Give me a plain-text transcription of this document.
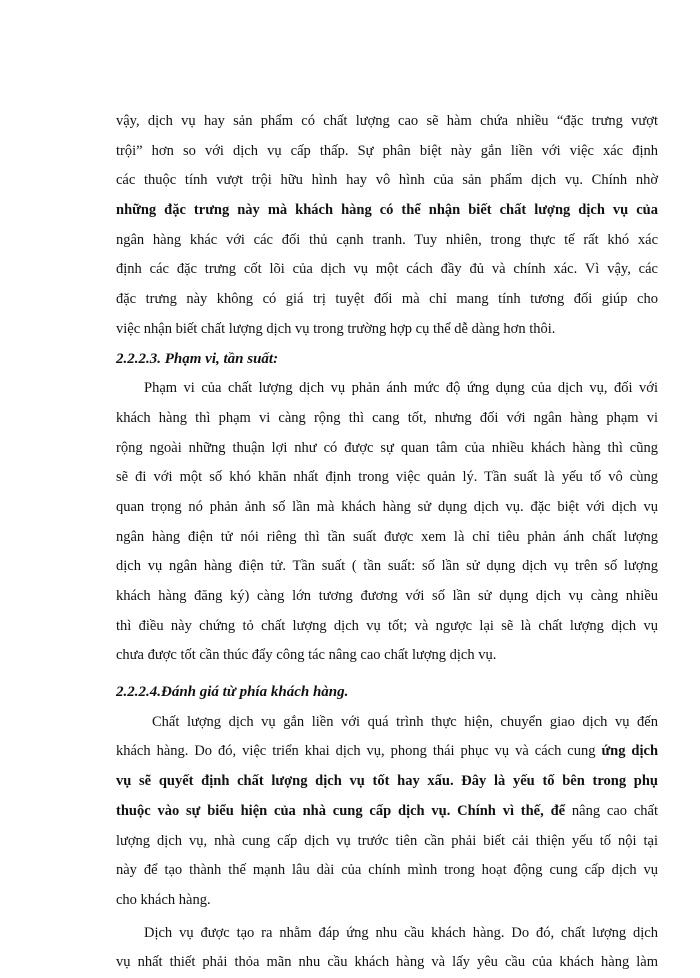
vậy, dịch vụ hay sản phẩm có chất lượng cao sẽ hàm chứa nhiều “đặc trưng vượt
trội” hơn so với dịch vụ cấp thấp. Sự phân biệt này gắn liền với việc xác định
các thuộc tính vượt trội hữu hình hay vô hình của sản phẩm dịch vụ. Chính nhờ
những đặc trưng này mà khách hàng có thể nhận biết chất lượng dịch vụ của
ngân hàng khác với các đối thủ cạnh tranh. Tuy nhiên, trong thực tế rất khó xác
định các đặc trưng cốt lõi của dịch vụ một cách đầy đủ và chính xác. Vì vậy, các
đặc trưng này không có giá trị tuyệt đối mà chỉ mang tính tương đối giúp cho
việc nhận biết chất lượng dịch vụ trong trường hợp cụ thể dễ dàng hơn thôi.
2.2.2.3. Phạm vi, tần suất:
Phạm vi của chất lượng dịch vụ phản ánh mức độ ứng dụng của dịch vụ, đối với
khách hàng thì phạm vi càng rộng thì cang tốt, nhưng đối với ngân hàng phạm vi
rộng ngoài những thuận lợi như có được sự quan tâm của nhiều khách hàng thì cũng
sẽ đi với một số khó khăn nhất định trong việc quản lý. Tần suất là yếu tố vô cùng
quan trọng nó phản ảnh số lần mà khách hàng sử dụng dịch vụ. đặc biệt với dịch vụ
ngân hàng điện tử nói riêng thì tần suất được xem là chỉ tiêu phản ánh chất lượng
dịch vụ ngân hàng điện tử. Tần suất ( tần suất: số lần sử dụng dịch vụ trên số lượng
khách hàng đăng ký) càng lớn tương đương với số lần sử dụng dịch vụ càng nhiều
thì điều này chứng tỏ chất lượng dịch vụ tốt; và ngược lại sẽ là chất lượng dịch vụ
chưa được tốt cần thúc đẩy công tác nâng cao chất lượng dịch vụ.
2.2.2.4.Đánh giá từ phía khách hàng.
Chất lượng dịch vụ gắn liền với quá trình thực hiện, chuyển giao dịch vụ đến
khách hàng. Do đó, việc triển khai dịch vụ, phong thái phục vụ và cách cung ứng dịch
vụ sẽ quyết định chất lượng dịch vụ tốt hay xấu. Đây là yếu tố bên trong phụ
thuộc vào sự biểu hiện của nhà cung cấp dịch vụ. Chính vì thế, để nâng cao chất
lượng dịch vụ, nhà cung cấp dịch vụ trước tiên cần phải biết cải thiện yếu tố nội tại
này để tạo thành thế mạnh lâu dài của chính mình trong hoạt động cung cấp dịch vụ
cho khách hàng.
Dịch vụ được tạo ra nhằm đáp ứng nhu cầu khách hàng. Do đó, chất lượng dịch
vụ nhất thiết phải thỏa mãn nhu cầu khách hàng và lấy yêu cầu của khách hàng làm
